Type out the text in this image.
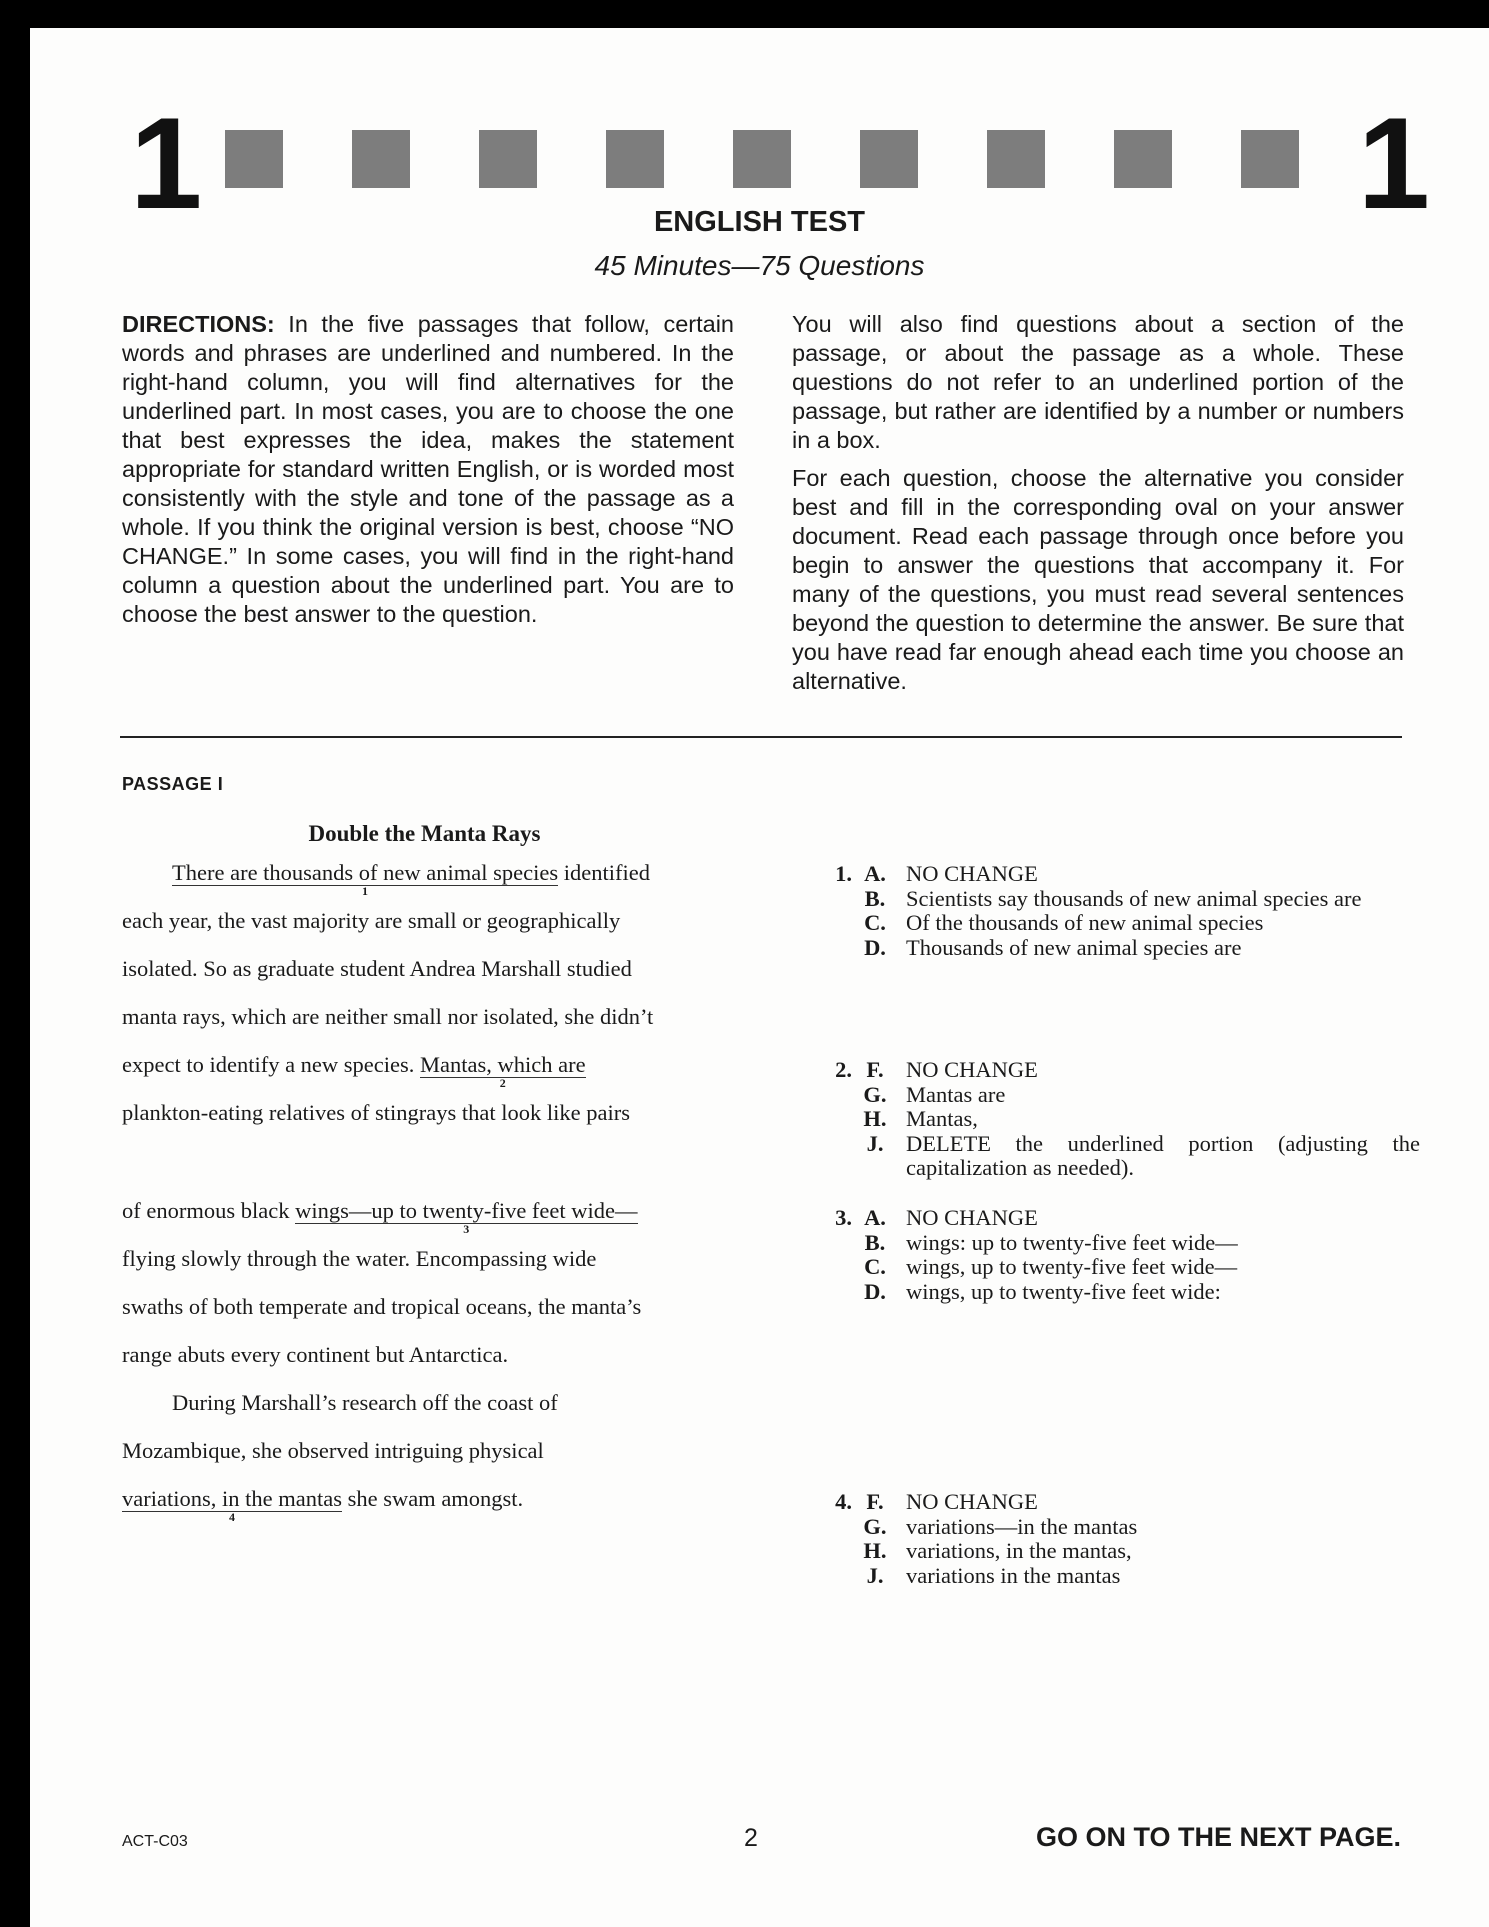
1	1
ENGLISH TEST
45 Minutes—75 Questions

DIRECTIONS: In the five passages that follow, certain words and phrases are underlined and numbered. In the right-hand column, you will find alternatives for the underlined part. In most cases, you are to choose the one that best expresses the idea, makes the statement appropriate for standard written English, or is worded most consistently with the style and tone of the passage as a whole. If you think the original version is best, choose “NO CHANGE.” In some cases, you will find in the right-hand column a question about the underlined part. You are to choose the best answer to the question.

You will also find questions about a section of the passage, or about the passage as a whole. These questions do not refer to an underlined portion of the passage, but rather are identified by a number or numbers in a box.

For each question, choose the alternative you consider best and fill in the corresponding oval on your answer document. Read each passage through once before you begin to answer the questions that accompany it. For many of the questions, you must read several sentences beyond the question to determine the answer. Be sure that you have read far enough ahead each time you choose an alternative.

PASSAGE I
Double the Manta Rays
There are thousands of new animal species
1
identified
each year, the vast majority are small or geographically
isolated. So as graduate student Andrea Marshall studied
manta rays, which are neither small nor isolated, she didn’t
expect to identify a new species. Mantas, which are
2
plankton-eating relatives of stingrays that look like pairs
of enormous black wings—up to twenty-five feet wide—
3
flying slowly through the water. Encompassing wide
swaths of both temperate and tropical oceans, the manta’s
range abuts every continent but Antarctica.
During Marshall’s research off the coast of
Mozambique, she observed intriguing physical
variations, in the mantas
4
she swam amongst.
1. A. NO CHANGE
B. Scientists say thousands of new animal species are
C. Of the thousands of new animal species
D. Thousands of new animal species are
2. F. NO CHANGE
G. Mantas are
H. Mantas,
J.	DELETE the underlined portion (adjusting the capitalization as needed).
3. A. NO CHANGE
B. wings: up to twenty-five feet wide—
C. wings, up to twenty-five feet wide—
D. wings, up to twenty-five feet wide:
4. F. NO CHANGE
G. variations—in the mantas
H. variations, in the mantas,
J.	variations in the mantas
ACT-C03	2	GO ON TO THE NEXT PAGE.
